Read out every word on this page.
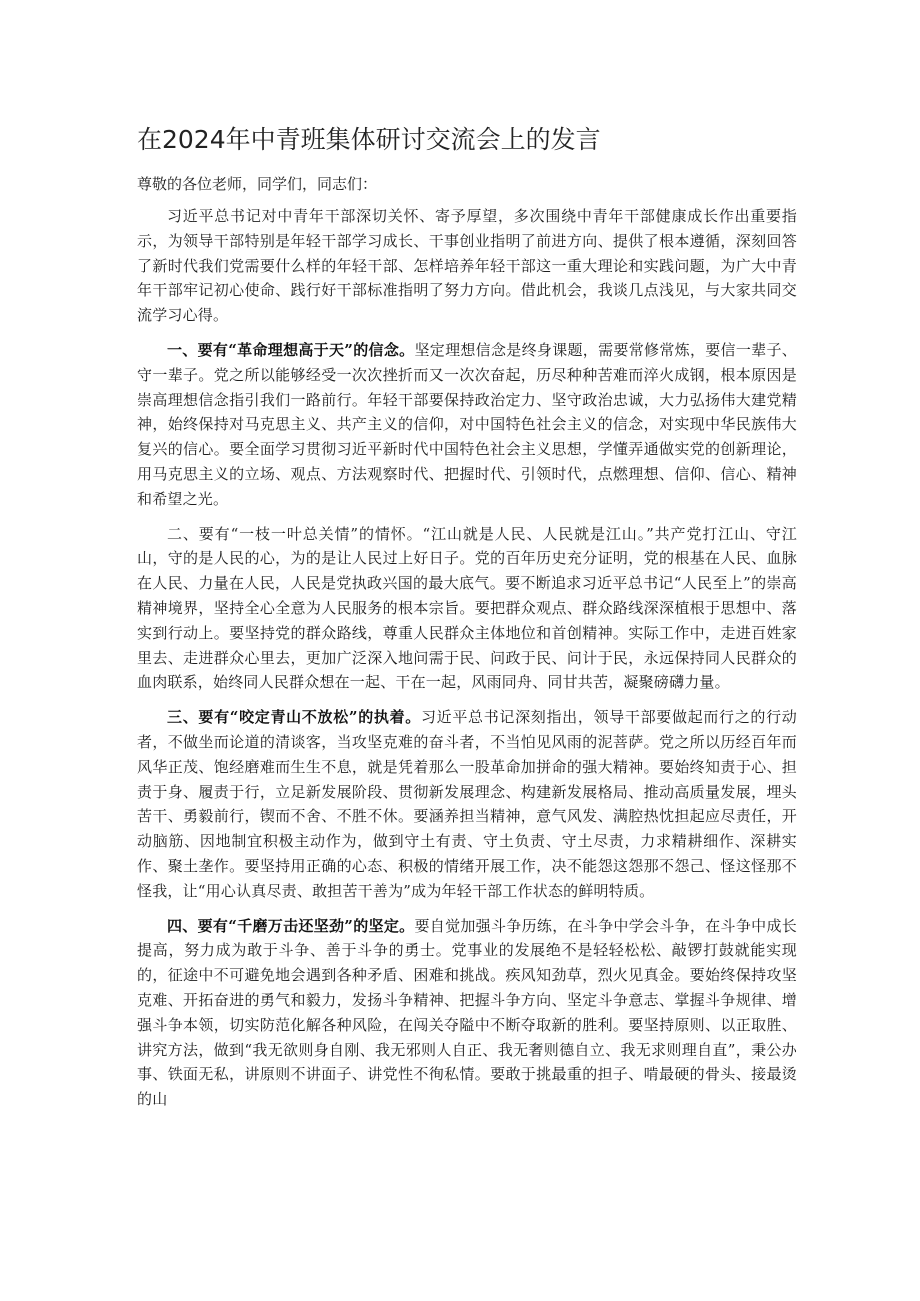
在2024年中青班集体研讨交流会上的发言
尊敬的各位老师，同学们，同志们：

习近平总书记对中青年干部深切关怀、寄予厚望，多次围绕中青年干部健康成长作出重要指示，为领导干部特别是年轻干部学习成长、干事创业指明了前进方向、提供了根本遵循，深刻回答了新时代我们党需要什么样的年轻干部、怎样培养年轻干部这一重大理论和实践问题，为广大中青年干部牢记初心使命、践行好干部标准指明了努力方向。借此机会，我谈几点浅见，与大家共同交流学习心得。

一、要有“革命理想高于天”的信念。坚定理想信念是终身课题，需要常修常炼，要信一辈子、守一辈子。党之所以能够经受一次次挫折而又一次次奋起，历尽种种苦难而淬火成钢，根本原因是崇高理想信念指引我们一路前行。年轻干部要保持政治定力、坚守政治忠诚，大力弘扬伟大建党精神，始终保持对马克思主义、共产主义的信仰，对中国特色社会主义的信念，对实现中华民族伟大复兴的信心。要全面学习贯彻习近平新时代中国特色社会主义思想，学懂弄通做实党的创新理论，用马克思主义的立场、观点、方法观察时代、把握时代、引领时代，点燃理想、信仰、信心、精神和希望之光。

二、要有“一枝一叶总关情”的情怀。“江山就是人民、人民就是江山。”共产党打江山、守江山，守的是人民的心，为的是让人民过上好日子。党的百年历史充分证明，党的根基在人民、血脉在人民、力量在人民，人民是党执政兴国的最大底气。要不断追求习近平总书记“人民至上”的崇高精神境界，坚持全心全意为人民服务的根本宗旨。要把群众观点、群众路线深深植根于思想中、落实到行动上。要坚持党的群众路线，尊重人民群众主体地位和首创精神。实际工作中，走进百姓家里去、走进群众心里去，更加广泛深入地问需于民、问政于民、问计于民，永远保持同人民群众的血肉联系，始终同人民群众想在一起、干在一起，风雨同舟、同甘共苦，凝聚磅礴力量。

三、要有“咬定青山不放松”的执着。习近平总书记深刻指出，领导干部要做起而行之的行动者，不做坐而论道的清谈客，当攻坚克难的奋斗者，不当怕见风雨的泥菩萨。党之所以历经百年而风华正茂、饱经磨难而生生不息，就是凭着那么一股革命加拼命的强大精神。要始终知责于心、担责于身、履责于行，立足新发展阶段、贯彻新发展理念、构建新发展格局、推动高质量发展，埋头苦干、勇毅前行，锲而不舍、不胜不休。要涵养担当精神，意气风发、满腔热忱担起应尽责任，开动脑筋、因地制宜积极主动作为，做到守土有责、守土负责、守土尽责，力求精耕细作、深耕实作、聚土垄作。要坚持用正确的心态、积极的情绪开展工作，决不能怨这怨那不怨己、怪这怪那不怪我，让“用心认真尽责、敢担苦干善为”成为年轻干部工作状态的鲜明特质。

四、要有“千磨万击还坚劲”的坚定。要自觉加强斗争历练，在斗争中学会斗争，在斗争中成长提高，努力成为敢于斗争、善于斗争的勇士。党事业的发展绝不是轻轻松松、敲锣打鼓就能实现的，征途中不可避免地会遇到各种矛盾、困难和挑战。疾风知劲草，烈火见真金。要始终保持攻坚克难、开拓奋进的勇气和毅力，发扬斗争精神、把握斗争方向、坚定斗争意志、掌握斗争规律、增强斗争本领，切实防范化解各种风险，在闯关夺隘中不断夺取新的胜利。要坚持原则、以正取胜、讲究方法，做到“我无欲则身自刚、我无邪则人自正、我无奢则德自立、我无求则理自直”，秉公办事、铁面无私，讲原则不讲面子、讲党性不徇私情。要敢于挑最重的担子、啃最硬的骨头、接最烫的山
